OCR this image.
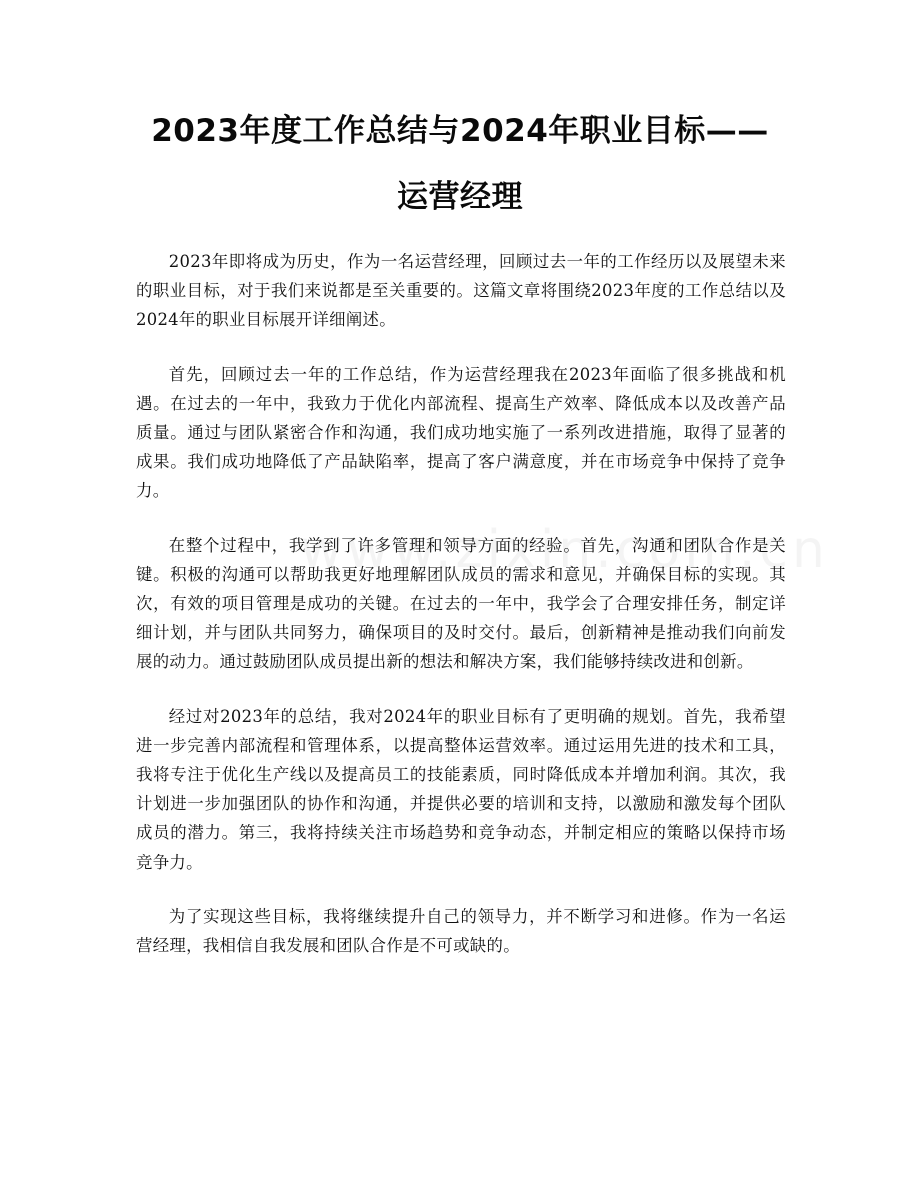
2023年度工作总结与2024年职业目标——
运营经理

2023年即将成为历史，作为一名运营经理，回顾过去一年的工作经历以及展望未来的职业目标，对于我们来说都是至关重要的。这篇文章将围绕2023年度的工作总结以及2024年的职业目标展开详细阐述。

首先，回顾过去一年的工作总结，作为运营经理我在2023年面临了很多挑战和机遇。在过去的一年中，我致力于优化内部流程、提高生产效率、降低成本以及改善产品质量。通过与团队紧密合作和沟通，我们成功地实施了一系列改进措施，取得了显著的成果。我们成功地降低了产品缺陷率，提高了客户满意度，并在市场竞争中保持了竞争力。

在整个过程中，我学到了许多管理和领导方面的经验。首先，沟通和团队合作是关键。积极的沟通可以帮助我更好地理解团队成员的需求和意见，并确保目标的实现。其次，有效的项目管理是成功的关键。在过去的一年中，我学会了合理安排任务，制定详细计划，并与团队共同努力，确保项目的及时交付。最后，创新精神是推动我们向前发展的动力。通过鼓励团队成员提出新的想法和解决方案，我们能够持续改进和创新。

经过对2023年的总结，我对2024年的职业目标有了更明确的规划。首先，我希望进一步完善内部流程和管理体系，以提高整体运营效率。通过运用先进的技术和工具，我将专注于优化生产线以及提高员工的技能素质，同时降低成本并增加利润。其次，我计划进一步加强团队的协作和沟通，并提供必要的培训和支持，以激励和激发每个团队成员的潜力。第三，我将持续关注市场趋势和竞争动态，并制定相应的策略以保持市场竞争力。

为了实现这些目标，我将继续提升自己的领导力，并不断学习和进修。作为一名运营经理，我相信自我发展和团队合作是不可或缺的。
